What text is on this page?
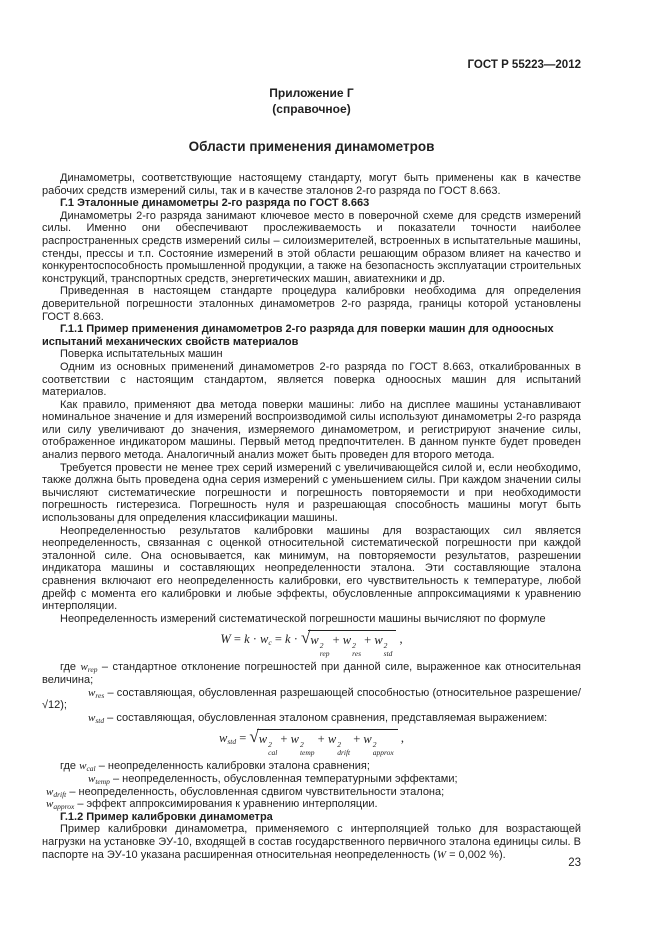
ГОСТ Р 55223—2012
Приложение Г
(справочное)
Области применения динамометров
Динамометры, соответствующие настоящему стандарту, могут быть применены как в качестве рабочих средств измерений силы, так и в качестве эталонов 2-го разряда по ГОСТ 8.663.
Г.1 Эталонные динамометры 2-го разряда по ГОСТ 8.663
Динамометры 2-го разряда занимают ключевое место в поверочной схеме для средств измерений силы. Именно они обеспечивают прослеживаемость и показатели точности наиболее распространенных средств измерений силы – силоизмерителей, встроенных в испытательные машины, стенды, прессы и т.п. Состояние измерений в этой области решающим образом влияет на качество и конкурентоспособность промышленной продукции, а также на безопасность эксплуатации строительных конструкций, транспортных средств, энергетических машин, авиатехники и др.
Приведенная в настоящем стандарте процедура калибровки необходима для определения доверительной погрешности эталонных динамометров 2-го разряда, границы которой установлены ГОСТ 8.663.
Г.1.1 Пример применения динамометров 2-го разряда для поверки машин для одноосных испытаний механических свойств материалов
Поверка испытательных машин
Одним из основных применений динамометров 2-го разряда по ГОСТ 8.663, откалиброванных в соответствии с настоящим стандартом, является поверка одноосных машин для испытаний материалов.
Как правило, применяют два метода поверки машины: либо на дисплее машины устанавливают номинальное значение и для измерений воспроизводимой силы используют динамометры 2-го разряда или силу увеличивают до значения, измеряемого динамометром, и регистрируют значение силы, отображенное индикатором машины. Первый метод предпочтителен. В данном пункте будет проведен анализ первого метода. Аналогичный анализ может быть проведен для второго метода.
Требуется провести не менее трех серий измерений с увеличивающейся силой и, если необходимо, также должна быть проведена одна серия измерений с уменьшением силы. При каждом значении силы вычисляют систематические погрешности и погрешность повторяемости и при необходимости погрешность гистерезиса. Погрешность нуля и разрешающая способность машины могут быть использованы для определения классификации машины.
Неопределенностью результатов калибровки машины для возрастающих сил является неопределенность, связанная с оценкой относительной систематической погрешности при каждой эталонной силе. Она основывается, как минимум, на повторяемости результатов, разрешении индикатора машины и составляющих неопределенности эталона. Эти составляющие эталона сравнения включают его неопределенность калибровки, его чувствительность к температуре, любой дрейф с момента его калибровки и любые эффекты, обусловленные аппроксимациями к уравнению интерполяции.
Неопределенность измерений систематической погрешности машины вычисляют по формуле
$W = k \cdot w_c = k$ · √ w 2
rep
+ w 2
res
+ w 2
std
,
где $w_{rep}$ – стандартное отклонение погрешностей при данной силе, выраженное как относительная величина;
$w_{res}$ – составляющая, обусловленная разрешающей способностью (относительное разрешение/√12);
$w_{std}$ – составляющая, обусловленная эталоном сравнения, представляемая выражением:
$w_{std}$ = √ w 2
cal
+ w 2
temp
+ w 2
drift
+ w 2
approx
,
где $w_{cal}$ – неопределенность калибровки эталона сравнения;
$w_{temp}$ – неопределенность, обусловленная температурными эффектами;
$w_{drift}$ – неопределенность, обусловленная сдвигом чувствительности эталона;
$w_{approx}$ – эффект аппроксимирования к уравнению интерполяции.
Г.1.2 Пример калибровки динамометра
Пример калибровки динамометра, применяемого с интерполяцией только для возрастающей нагрузки на установке ЭУ-10, входящей в состав государственного первичного эталона единицы силы. В паспорте на ЭУ-10 указана расширенная относительная неопределенность (W = 0,002 %).
23
